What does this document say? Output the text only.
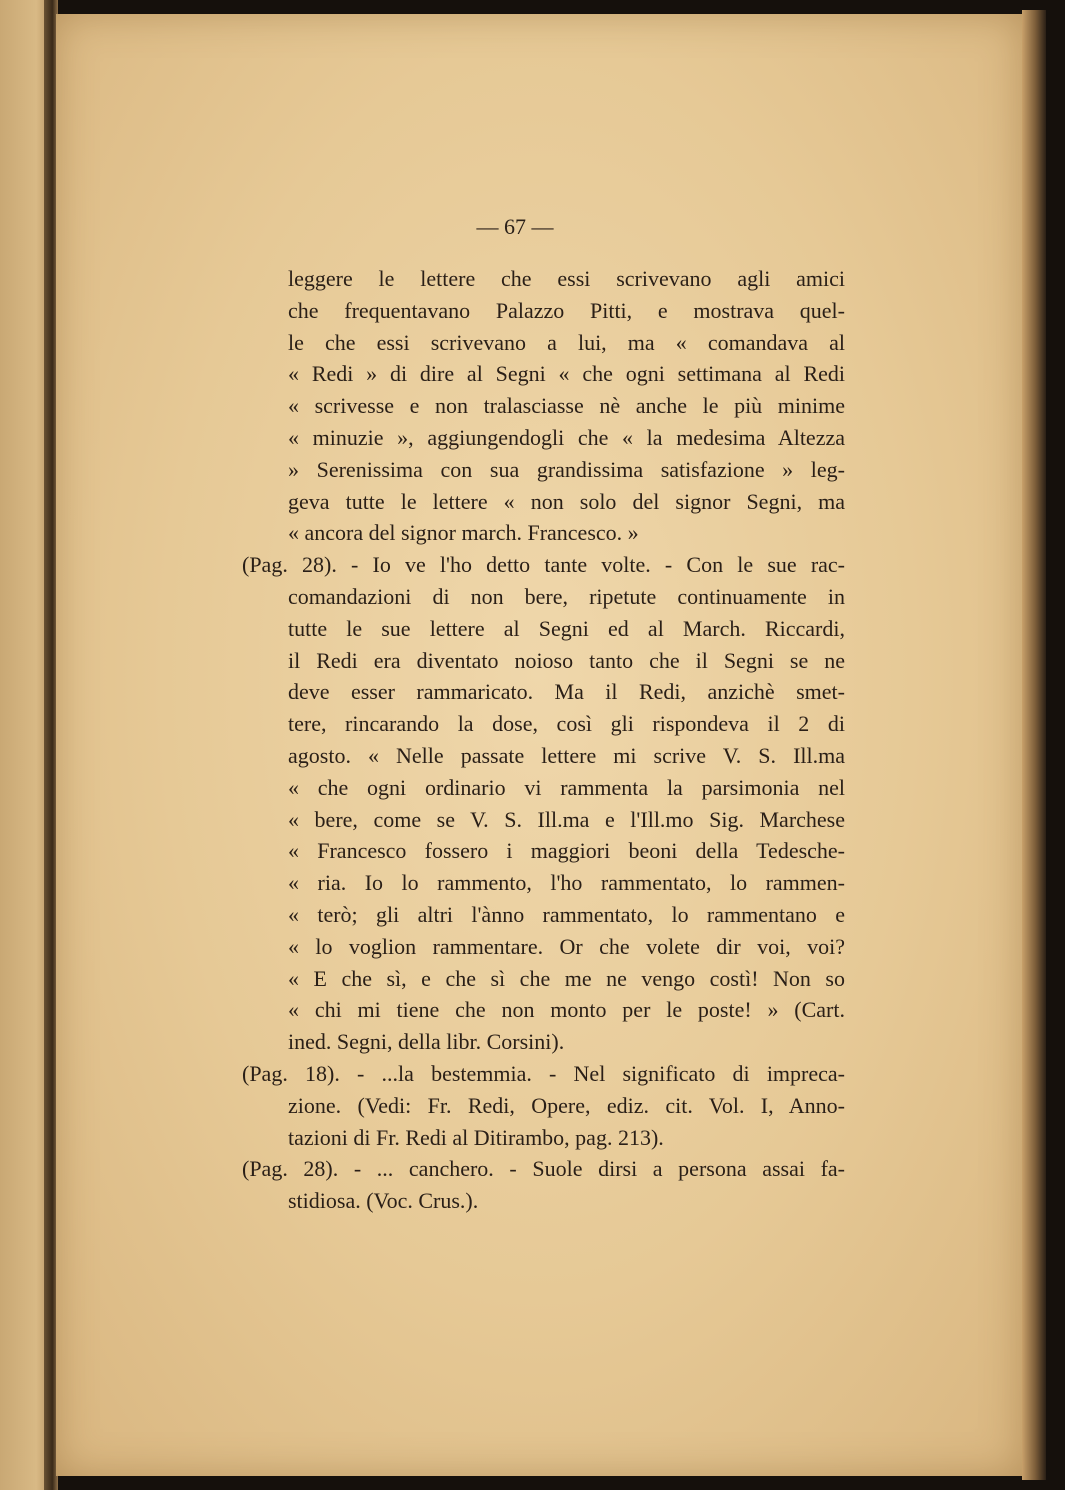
— 67 —
leggere le lettere che essi scrivevano agli amici
che frequentavano Palazzo Pitti, e mostrava quel-
le che essi scrivevano a lui, ma « comandava al
« Redi » di dire al Segni « che ogni settimana al Redi
« scrivesse e non tralasciasse nè anche le più minime
« minuzie », aggiungendogli che « la medesima Altezza
» Serenissima con sua grandissima satisfazione » leg-
geva tutte le lettere « non solo del signor Segni, ma
« ancora del signor march. Francesco. »
(Pag. 28). - Io ve l'ho detto tante volte. - Con le sue rac-
comandazioni di non bere, ripetute continuamente in
tutte le sue lettere al Segni ed al March. Riccardi,
il Redi era diventato noioso tanto che il Segni se ne
deve esser rammaricato. Ma il Redi, anzichè smet-
tere, rincarando la dose, così gli rispondeva il 2 di
agosto. « Nelle passate lettere mi scrive V. S. Ill.ma
« che ogni ordinario vi rammenta la parsimonia nel
« bere, come se V. S. Ill.ma e l'Ill.mo Sig. Marchese
« Francesco fossero i maggiori beoni della Tedesche-
« ria. Io lo rammento, l'ho rammentato, lo rammen-
« terò; gli altri l'ànno rammentato, lo rammentano e
« lo voglion rammentare. Or che volete dir voi, voi?
« E che sì, e che sì che me ne vengo costì! Non so
« chi mi tiene che non monto per le poste! » (Cart.
ined. Segni, della libr. Corsini).
(Pag. 18). - ...la bestemmia. - Nel significato di impreca-
zione. (Vedi: Fr. Redi, Opere, ediz. cit. Vol. I, Anno-
tazioni di Fr. Redi al Ditirambo, pag. 213).
(Pag. 28). - ... canchero. - Suole dirsi a persona assai fa-
stidiosa. (Voc. Crus.).
